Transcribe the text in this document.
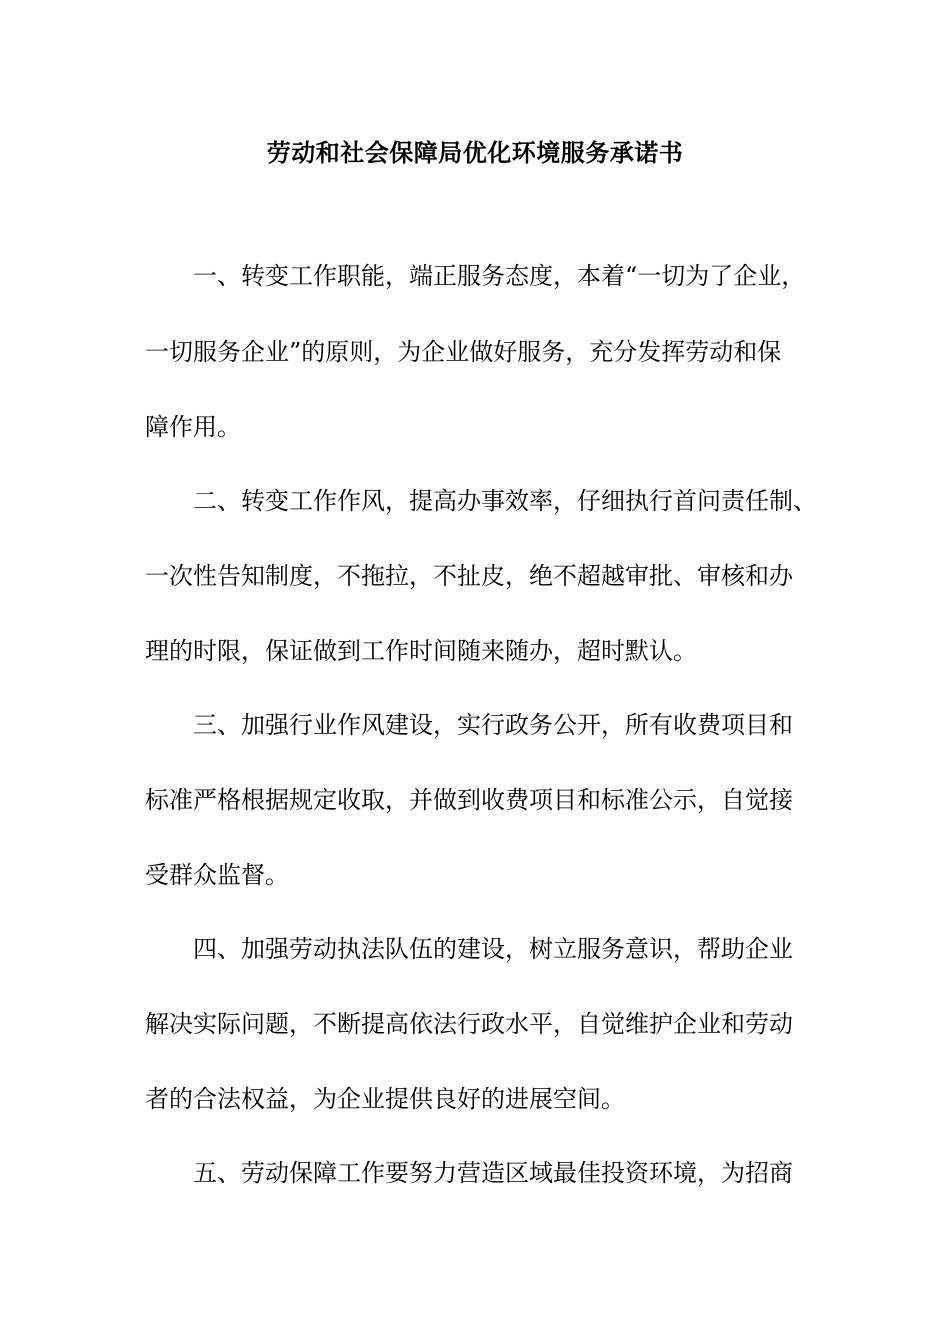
劳动和社会保障局优化环境服务承诺书
一、转变工作职能，端正服务态度，本着“一切为了企业，
一切服务企业”的原则，为企业做好服务，充分发挥劳动和保
障作用。
二、转变工作作风，提高办事效率，仔细执行首问责任制、
一次性告知制度，不拖拉，不扯皮，绝不超越审批、审核和办
理的时限，保证做到工作时间随来随办，超时默认。
三、加强行业作风建设，实行政务公开，所有收费项目和
标准严格根据规定收取，并做到收费项目和标准公示，自觉接
受群众监督。
四、加强劳动执法队伍的建设，树立服务意识，帮助企业
解决实际问题，不断提高依法行政水平，自觉维护企业和劳动
者的合法权益，为企业提供良好的进展空间。
五、劳动保障工作要努力营造区域最佳投资环境，为招商
